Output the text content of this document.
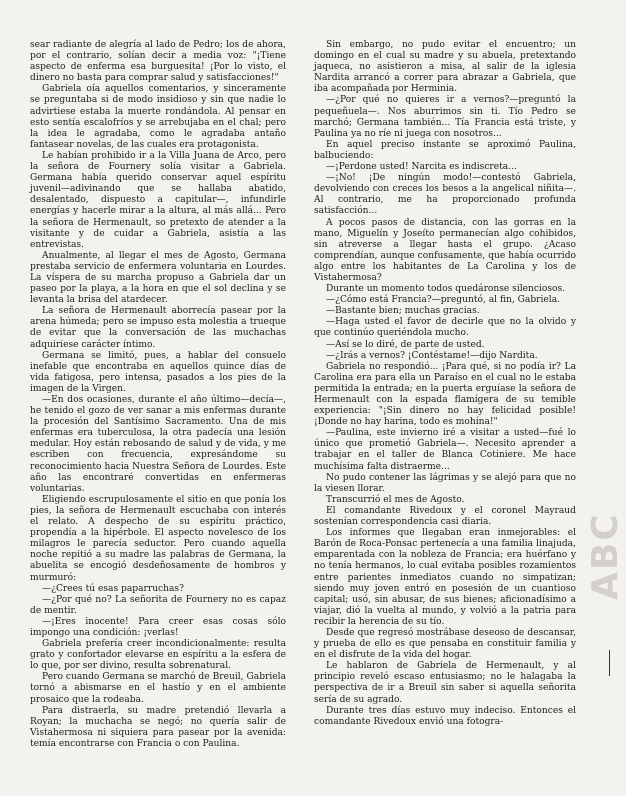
sear radiante de alegría al lado de Pedro; los de ahora, por el contrario, solían decir a media voz: "¡Tiene aspecto de enferma esa burguesita! ¡Por lo visto, el dinero no basta para comprar salud y satisfacciones!"

Gabriela oía aquellos comentarios, y sinceramente se preguntaba si de modo insidioso y sin que nadie lo advirtiese estaba la muerte rondándola. Al pensar en esto sentía escalofríos y se arrebujaba en el chal; pero la idea le agradaba, como le agradaba antaño fantasear novelas, de las cuales era protagonista.

Le habían prohibido ir a la Villa Juana de Arco, pero la señora de Fournery solía visitar a Gabriela. Germana había querido conservar aquel espíritu juvenil—adivinando que se hallaba abatido, desalentado, dispuesto a capitular—, infundirle energías y hacerle mirar a la altura, al más allá... Pero la señora de Hermenault, so pretexto de atender a la visitante y de cuidar a Gabriela, asistía a las entrevistas.

Anualmente, al llegar el mes de Agosto, Germana prestaba servicio de enfermera voluntaria en Lourdes. La víspera de su marcha propuso a Gabriela dar un paseo por la playa, a la hora en que el sol declina y se levanta la brisa del atardecer.

La señora de Hermenault aborrecía pasear por la arena húmeda; pero se impuso esta molestia a trueque de evitar que la conversación de las muchachas adquiriese carácter íntimo.

Germana se limitó, pues, a hablar del consuelo inefable que encontraba en aquellos quince días de vida fatigosa, pero intensa, pasados a los pies de la imagen de la Virgen.

—En dos ocasiones, durante el año último—decía—, he tenido el gozo de ver sanar a mis enfermas durante la procesión del Santísimo Sacramento. Una de mis enfermas era tuberculosa, la otra padecía una lesión medular. Hoy están rebosando de salud y de vida, y me escriben con frecuencia, expresándome su reconocimiento hacia Nuestra Señora de Lourdes. Este año las encontraré convertidas en enfermeras voluntarias.

Eligiendo escrupulosamente el sitio en que ponía los pies, la señora de Hermenault escuchaba con interés el relato. A despecho de su espíritu práctico, propendía a la hipérbole. El aspecto novelesco de los milagros le parecía seductor. Pero cuando aquella noche repitió a su madre las palabras de Germana, la abuelita se encogió desdeñosamente de hombros y murmuró:

—¿Crees tú esas paparruchas?

—¿Por qué no? La señorita de Fournery no es capaz de mentir.

—¡Eres inocente! Para creer esas cosas sólo impongo una condición: ¡verlas!

Gabriela prefería creer incondicionalmente: resulta grato y confortador elevarse en espíritu a la esfera de lo que, por ser divino, resulta sobrenatural.

Pero cuando Germana se marchó de Breuil, Gabriela tornó a abismarse en el hastío y en el ambiente prosaico que la rodeaba.

Para distraerla, su madre pretendió llevarla a Royan; la muchacha se negó; no quería salir de Vistahermosa ni siquiera para pasear por la avenida: temía encontrarse con Francia o con Paulina.

Sin embargo, no pudo evitar el encuentro; un domingo en el cual su madre y su abuela, pretextando jaqueca, no asistieron a misa, al salir de la iglesia Nardita arrancó a correr para abrazar a Gabriela, que iba acompañada por Herminia.

—¿Por qué no quieres ir a vernos?—preguntó la pequeñuela—. Nos aburrimos sin ti. Tío Pedro se marchó; Germana también... Tía Francia está triste, y Paulina ya no ríe ni juega con nosotros...

En aquel preciso instante se aproximó Paulina, balbuciendo:

—¡Perdone usted! Narcita es indiscreta...

—¡No! ¡De ningún modo!—contestó Gabriela, devolviendo con creces los besos a la angelical niñita—. Al contrario, me ha proporcionado profunda satisfacción...

A pocos pasos de distancia, con las gorras en la mano, Miguelín y Joseíto permanecían algo cohibidos, sin atreverse a llegar hasta el grupo. ¿Acaso comprendían, aunque confusamente, que había ocurrido algo entre los habitantes de La Carolina y los de Vistahermosa?

Durante un momento todos quedáronse silenciosos.

—¿Cómo está Francia?—preguntó, al fin, Gabriela.

—Bastante bien; muchas gracias.

—Haga usted el favor de decirle que no la olvido y que continúo queriéndola mucho.

—Así se lo diré, de parte de usted.

—¿Irás a vernos? ¡Contéstame!—dijo Nardita.

Gabriela no respondió... ¡Para qué, si no podía ir? La Carolina era para ella un Paraíso en el cual no le estaba permitida la entrada; en la puerta erguíase la señora de Hermenault con la espada flamígera de su temible experiencia: "¡Sin dinero no hay felicidad posible! ¡Donde no hay harina, todo es mohína!"

—Paulina, este invierno iré a visitar a usted—fué lo único que prometió Gabriela—. Necesito aprender a trabajar en el taller de Blanca Cotiniere. Me hace muchísima falta distraerme...

No pudo contener las lágrimas y se alejó para que no la viesen llorar.

Transcurrió el mes de Agosto.

El comandante Rivedoux y el coronel Mayraud sostenían correspondencia casi diaria.

Los informes que llegaban eran inmejorables: el Barón de Roca-Ponsac pertenecía a una familia linajuda, emparentada con la nobleza de Francia; era huérfano y no tenía hermanos, lo cual evitaba posibles rozamientos entre parientes inmediatos cuando no simpatizan; siendo muy joven entró en posesión de un cuantioso capital; usó, sin abusar, de sus bienes; aficionadísimo a viajar, dió la vuelta al mundo, y volvió a la patria para recibir la herencia de su tío.

Desde que regresó mostrábase deseoso de descansar, y prueba de ello es que pensaba en constituir familia y en el disfrute de la vida del hogar.

Le hablaron de Gabriela de Hermenault, y al principio reveló escaso entusiasmo; no le halagaba la perspectiva de ir a Breuil sin saber si aquella señorita sería de su agrado.

Durante tres días estuvo muy indeciso. Entonces el comandante Rivedoux envió una fotogra-

ABC
